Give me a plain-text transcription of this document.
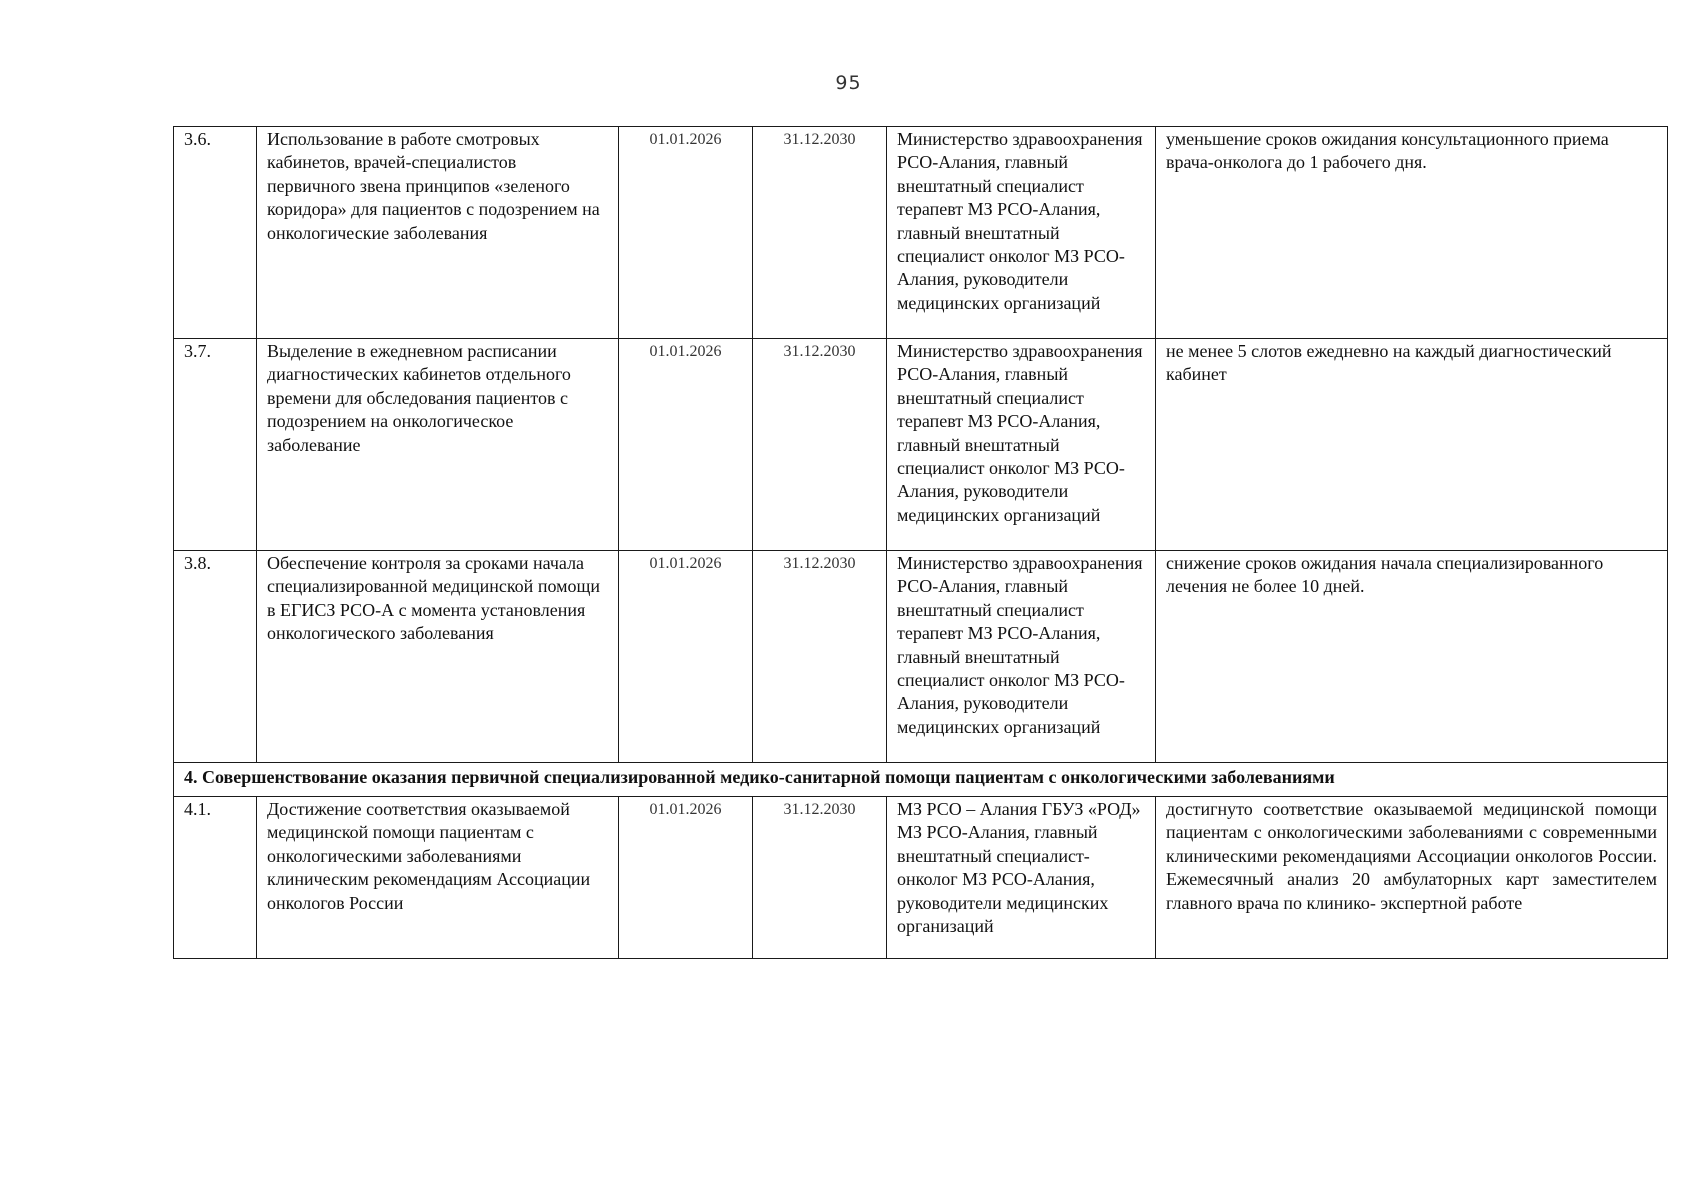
95
3.6.	Использование в работе смотровых кабинетов, врачей-специалистов первичного звена принципов «зеленого коридора» для пациентов с подозрением на онкологические заболевания	01.01.2026	31.12.2030	Министерство здравоохранения РСО-Алания, главный внештатный специалист терапевт МЗ РСО-Алания, главный внештатный специалист онколог МЗ РСО-Алания, руководители медицинских организаций	уменьшение сроков ожидания консультационного приема врача-онколога до 1 рабочего дня.
3.7.	Выделение в ежедневном расписании диагностических кабинетов отдельного времени для обследования пациентов с подозрением на онкологическое заболевание	01.01.2026	31.12.2030	Министерство здравоохранения РСО-Алания, главный внештатный специалист терапевт МЗ РСО-Алания, главный внештатный специалист онколог МЗ РСО-Алания, руководители медицинских организаций	не менее 5 слотов ежедневно на каждый диагностический кабинет
3.8.	Обеспечение контроля за сроками начала специализированной медицинской помощи в ЕГИСЗ РСО-А с момента установления онкологического заболевания	01.01.2026	31.12.2030	Министерство здравоохранения РСО-Алания, главный внештатный специалист терапевт МЗ РСО-Алания, главный внештатный специалист онколог МЗ РСО-Алания, руководители медицинских организаций	снижение сроков ожидания начала специализированного лечения не более 10 дней.
4. Совершенствование оказания первичной специализированной медико-санитарной помощи пациентам с онкологическими заболеваниями					
4.1.	Достижение соответствия оказываемой медицинской помощи пациентам с онкологическими заболеваниями клиническим рекомендациям Ассоциации онкологов России	01.01.2026	31.12.2030	МЗ РСО – Алания ГБУЗ «РОД» МЗ РСО-Алания, главный внештатный специалист-онколог МЗ РСО-Алания, руководители медицинских организаций	достигнуто соответствие оказываемой медицинской помощи пациентам с онкологическими заболеваниями с современными клиническими рекомендациями Ассоциации онкологов России. Ежемесячный анализ 20 амбулаторных карт заместителем главного врача по клинико- экспертной работе
